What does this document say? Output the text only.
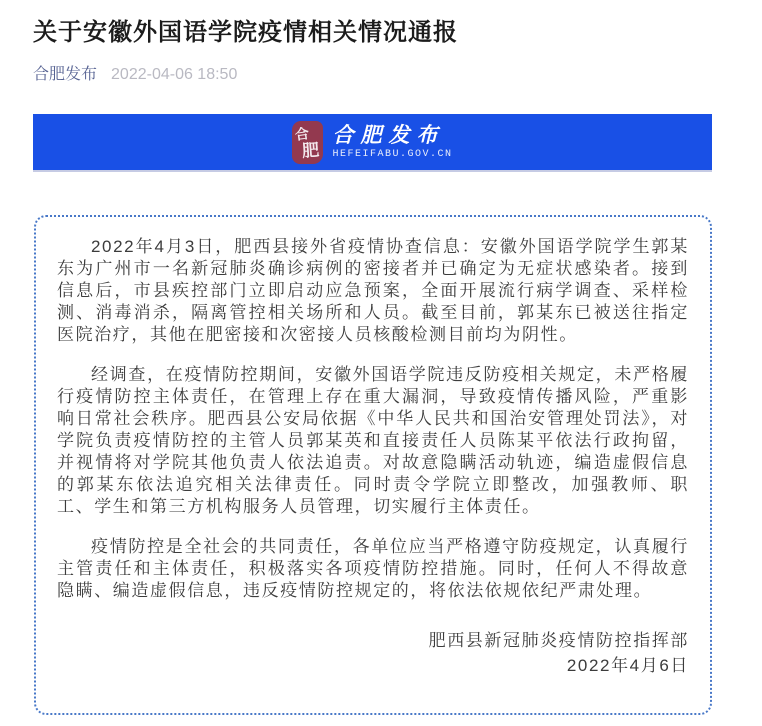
关于安徽外国语学院疫情相关情况通报
合肥发布 2022-04-06 18:50
合
肥
合肥发布
HEFEIFABU.GOV.CN

2022年4月3日，肥西县接外省疫情协查信息：安徽外国语学院学生郭某东为广州市一名新冠肺炎确诊病例的密接者并已确定为无症状感染者。接到信息后，市县疾控部门立即启动应急预案，全面开展流行病学调查、采样检测、消毒消杀，隔离管控相关场所和人员。截至目前，郭某东已被送往指定医院治疗，其他在肥密接和次密接人员核酸检测目前均为阴性。

经调查，在疫情防控期间，安徽外国语学院违反防疫相关规定，未严格履行疫情防控主体责任，在管理上存在重大漏洞，导致疫情传播风险，严重影响日常社会秩序。肥西县公安局依据《中华人民共和国治安管理处罚法》，对学院负责疫情防控的主管人员郭某英和直接责任人员陈某平依法行政拘留，并视情将对学院其他负责人依法追责。对故意隐瞒活动轨迹，编造虚假信息的郭某东依法追究相关法律责任。同时责令学院立即整改，加强教师、职工、学生和第三方机构服务人员管理，切实履行主体责任。

疫情防控是全社会的共同责任，各单位应当严格遵守防疫规定，认真履行主管责任和主体责任，积极落实各项疫情防控措施。同时，任何人不得故意隐瞒、编造虚假信息，违反疫情防控规定的，将依法依规依纪严肃处理。

肥西县新冠肺炎疫情防控指挥部
2022年4月6日
